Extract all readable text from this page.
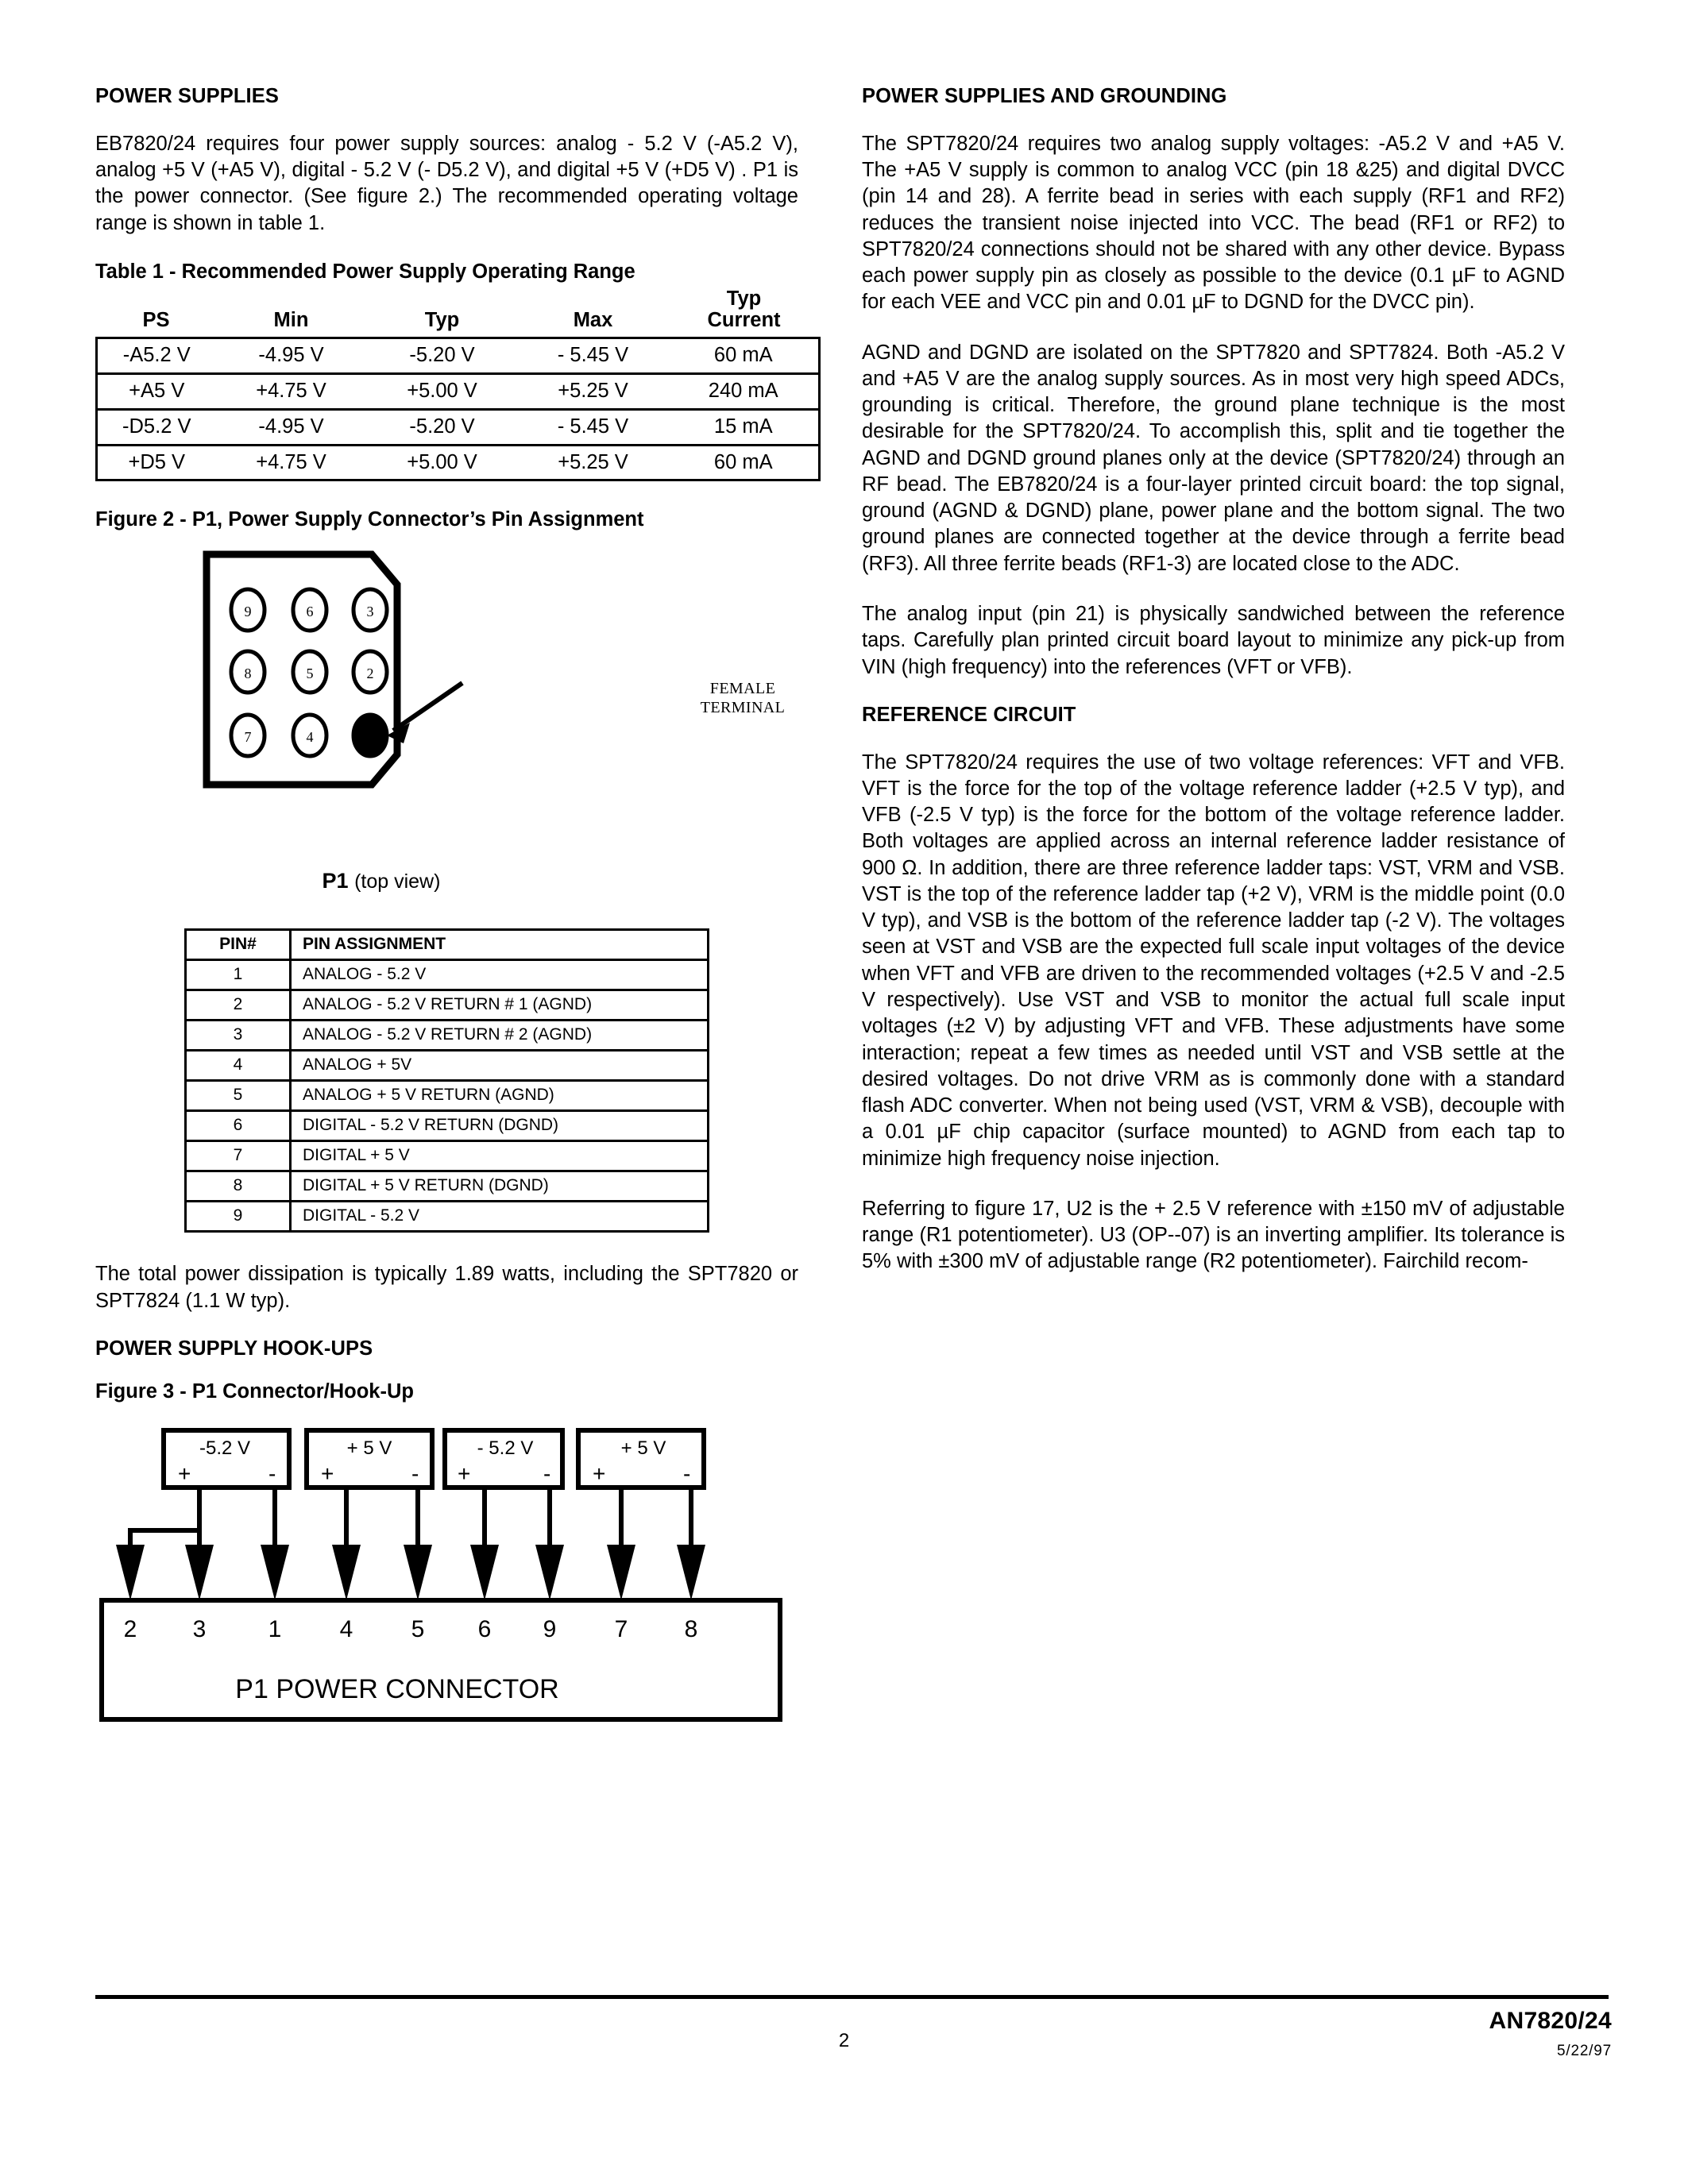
POWER SUPPLIES

EB7820/24 requires four power supply sources: analog - 5.2 V (-A5.2 V), analog +5 V (+A5 V), digital - 5.2 V (- D5.2 V), and digital +5 V (+D5 V) . P1 is the power connector. (See figure 2.) The recommended operating voltage range is shown in table 1.

Table 1 - Recommended Power Supply Operating Range
PS	Min	Typ	Max	Typ
Current

-A5.2 V	-4.95 V	-5.20 V	- 5.45 V	60 mA
+A5 V	+4.75 V	+5.00 V	+5.25 V	240 mA
-D5.2 V	-4.95 V	-5.20 V	- 5.45 V	15 mA
+D5 V	+4.75 V	+5.00 V	+5.25 V	60 mA
Figure 2 - P1, Power Supply Connector’s Pin Assignment
9	6	3
8	5	2
7	4
FEMALE
TERMINAL
P1 (top view)
PIN#	PIN ASSIGNMENT
1	ANALOG - 5.2 V
2	ANALOG - 5.2 V RETURN # 1 (AGND)
3	ANALOG - 5.2 V RETURN # 2 (AGND)
4	ANALOG + 5V
5	ANALOG + 5 V RETURN (AGND)
6	DIGITAL - 5.2 V RETURN (DGND)
7	DIGITAL + 5 V
8	DIGITAL + 5 V RETURN (DGND)
9	DIGITAL - 5.2 V

The total power dissipation is typically 1.89 watts, including the SPT7820 or SPT7824 (1.1 W typ).

POWER SUPPLY HOOK-UPS
Figure 3 - P1 Connector/Hook-Up
-5.2 V
+	-
+ 5 V
+	-
- 5.2 V
+	-
+ 5 V
+	-
2 3	1 4 5 6 9 7 8
P1 POWER CONNECTOR
POWER SUPPLIES AND GROUNDING

The SPT7820/24 requires two analog supply voltages: -A5.2 V and +A5 V. The +A5 V supply is common to analog VCC (pin 18 &25) and digital DVCC (pin 14 and 28). A ferrite bead in series with each supply (RF1 and RF2) reduces the transient noise injected into VCC. The bead (RF1 or RF2) to SPT7820/24 connections should not be shared with any other device. Bypass each power supply pin as closely as possible to the device (0.1 µF to AGND for each VEE and VCC pin and 0.01 µF to DGND for the DVCC pin).

AGND and DGND are isolated on the SPT7820 and SPT7824. Both -A5.2 V and +A5 V are the analog supply sources. As in most very high speed ADCs, grounding is critical. Therefore, the ground plane technique is the most desirable for the SPT7820/24. To accomplish this, split and tie together the AGND and DGND ground planes only at the device (SPT7820/24) through an RF bead. The EB7820/24 is a four-layer printed circuit board: the top signal, ground (AGND & DGND) plane, power plane and the bottom signal. The two ground planes are connected together at the device through a ferrite bead (RF3). All three ferrite beads (RF1-3) are located close to the ADC.

The analog input (pin 21) is physically sandwiched between the reference taps. Carefully plan printed circuit board layout to minimize any pick-up from VIN (high frequency) into the references (VFT or VFB).

REFERENCE CIRCUIT

The SPT7820/24 requires the use of two voltage references: VFT and VFB. VFT is the force for the top of the voltage reference ladder (+2.5 V typ), and VFB (-2.5 V typ) is the force for the bottom of the voltage reference ladder. Both voltages are applied across an internal reference ladder resistance of 900 Ω. In addition, there are three reference ladder taps: VST, VRM and VSB. VST is the top of the reference ladder tap (+2 V), VRM is the middle point (0.0 V typ), and VSB is the bottom of the reference ladder tap (-2 V). The voltages seen at VST and VSB are the expected full scale input voltages of the device when VFT and VFB are driven to the recommended voltages (+2.5 V and -2.5 V respectively). Use VST and VSB to monitor the actual full scale input voltages (±2 V) by adjusting VFT and VFB. These adjustments have some interaction; repeat a few times as needed until VST and VSB settle at the desired voltages. Do not drive VRM as is commonly done with a standard flash ADC converter. When not being used (VST, VRM & VSB), decouple with a 0.01 µF chip capacitor (surface mounted) to AGND from each tap to minimize high frequency noise injection.

Referring to figure 17, U2 is the + 2.5 V reference with ±150 mV of adjustable range (R1 potentiometer). U3 (OP--07) is an inverting amplifier. Its tolerance is 5% with ±300 mV of adjustable range (R2 potentiometer). Fairchild recom-

2
AN7820/24
5/22/97
